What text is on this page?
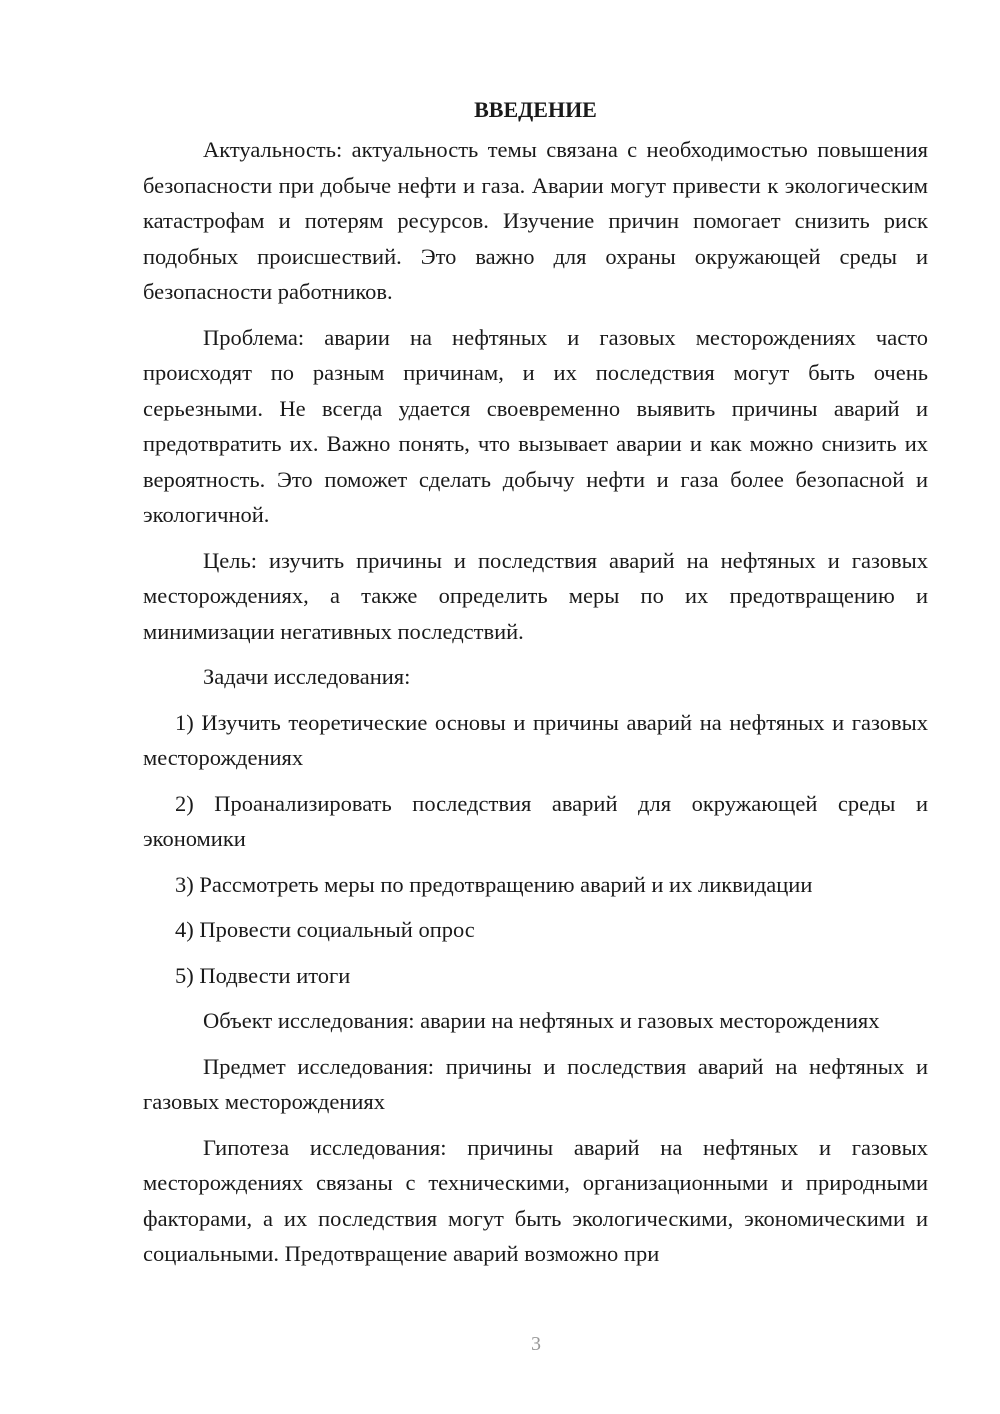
ВВЕДЕНИЕ

Актуальность: актуальность темы связана с необходимостью повышения безопасности при добыче нефти и газа. Аварии могут привести к экологическим катастрофам и потерям ресурсов. Изучение причин помогает снизить риск подобных происшествий. Это важно для охраны окружающей среды и безопасности работников.

Проблема: аварии на нефтяных и газовых месторождениях часто происходят по разным причинам, и их последствия могут быть очень серьезными. Не всегда удается своевременно выявить причины аварий и предотвратить их. Важно понять, что вызывает аварии и как можно снизить их вероятность. Это поможет сделать добычу нефти и газа более безопасной и экологичной.

Цель: изучить причины и последствия аварий на нефтяных и газовых месторождениях, а также определить меры по их предотвращению и минимизации негативных последствий.

Задачи исследования:

1) Изучить теоретические основы и причины аварий на нефтяных и газовых месторождениях

2) Проанализировать последствия аварий для окружающей среды и экономики

3) Рассмотреть меры по предотвращению аварий и их ликвидации

4) Провести социальный опрос

5) Подвести итоги

Объект исследования: аварии на нефтяных и газовых месторождениях

Предмет исследования: причины и последствия аварий на нефтяных и газовых месторождениях

Гипотеза исследования: причины аварий на нефтяных и газовых месторождениях связаны с техническими, организационными и природными факторами, а их последствия могут быть экологическими, экономическими и социальными. Предотвращение аварий возможно при

3
